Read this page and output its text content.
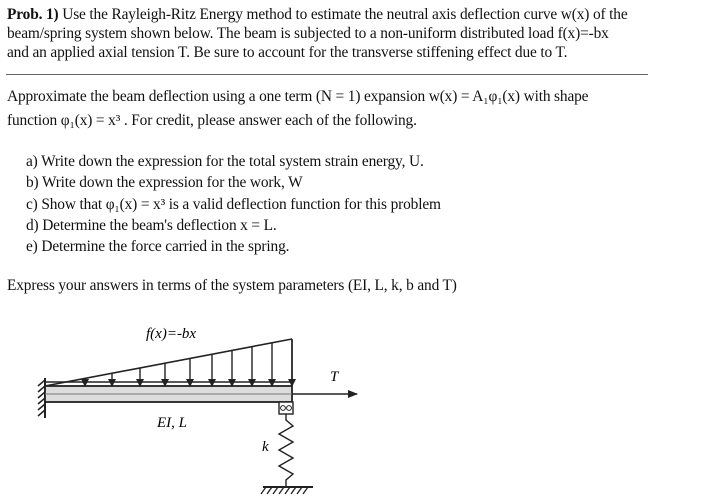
Prob. 1) Use the Rayleigh-Ritz Energy method to estimate the neutral axis deflection curve w(x) of the
beam/spring system shown below. The beam is subjected to a non-uniform distributed load f(x)=-bx
and an applied axial tension T. Be sure to account for the transverse stiffening effect due to T.
Approximate the beam deflection using a one term (N = 1) expansion w(x) = A₁φ₁(x) with shape
function φ₁(x) = x³ . For credit, please answer each of the following.
a) Write down the expression for the total system strain energy, U.
b) Write down the expression for the work, W
c) Show that φ₁(x) = x³ is a valid deflection function for this problem
d) Determine the beam's deflection x = L.
e) Determine the force carried in the spring.
Express your answers in terms of the system parameters (EI, L, k, b and T)
f(x)=-bx
T
EI, L
k
